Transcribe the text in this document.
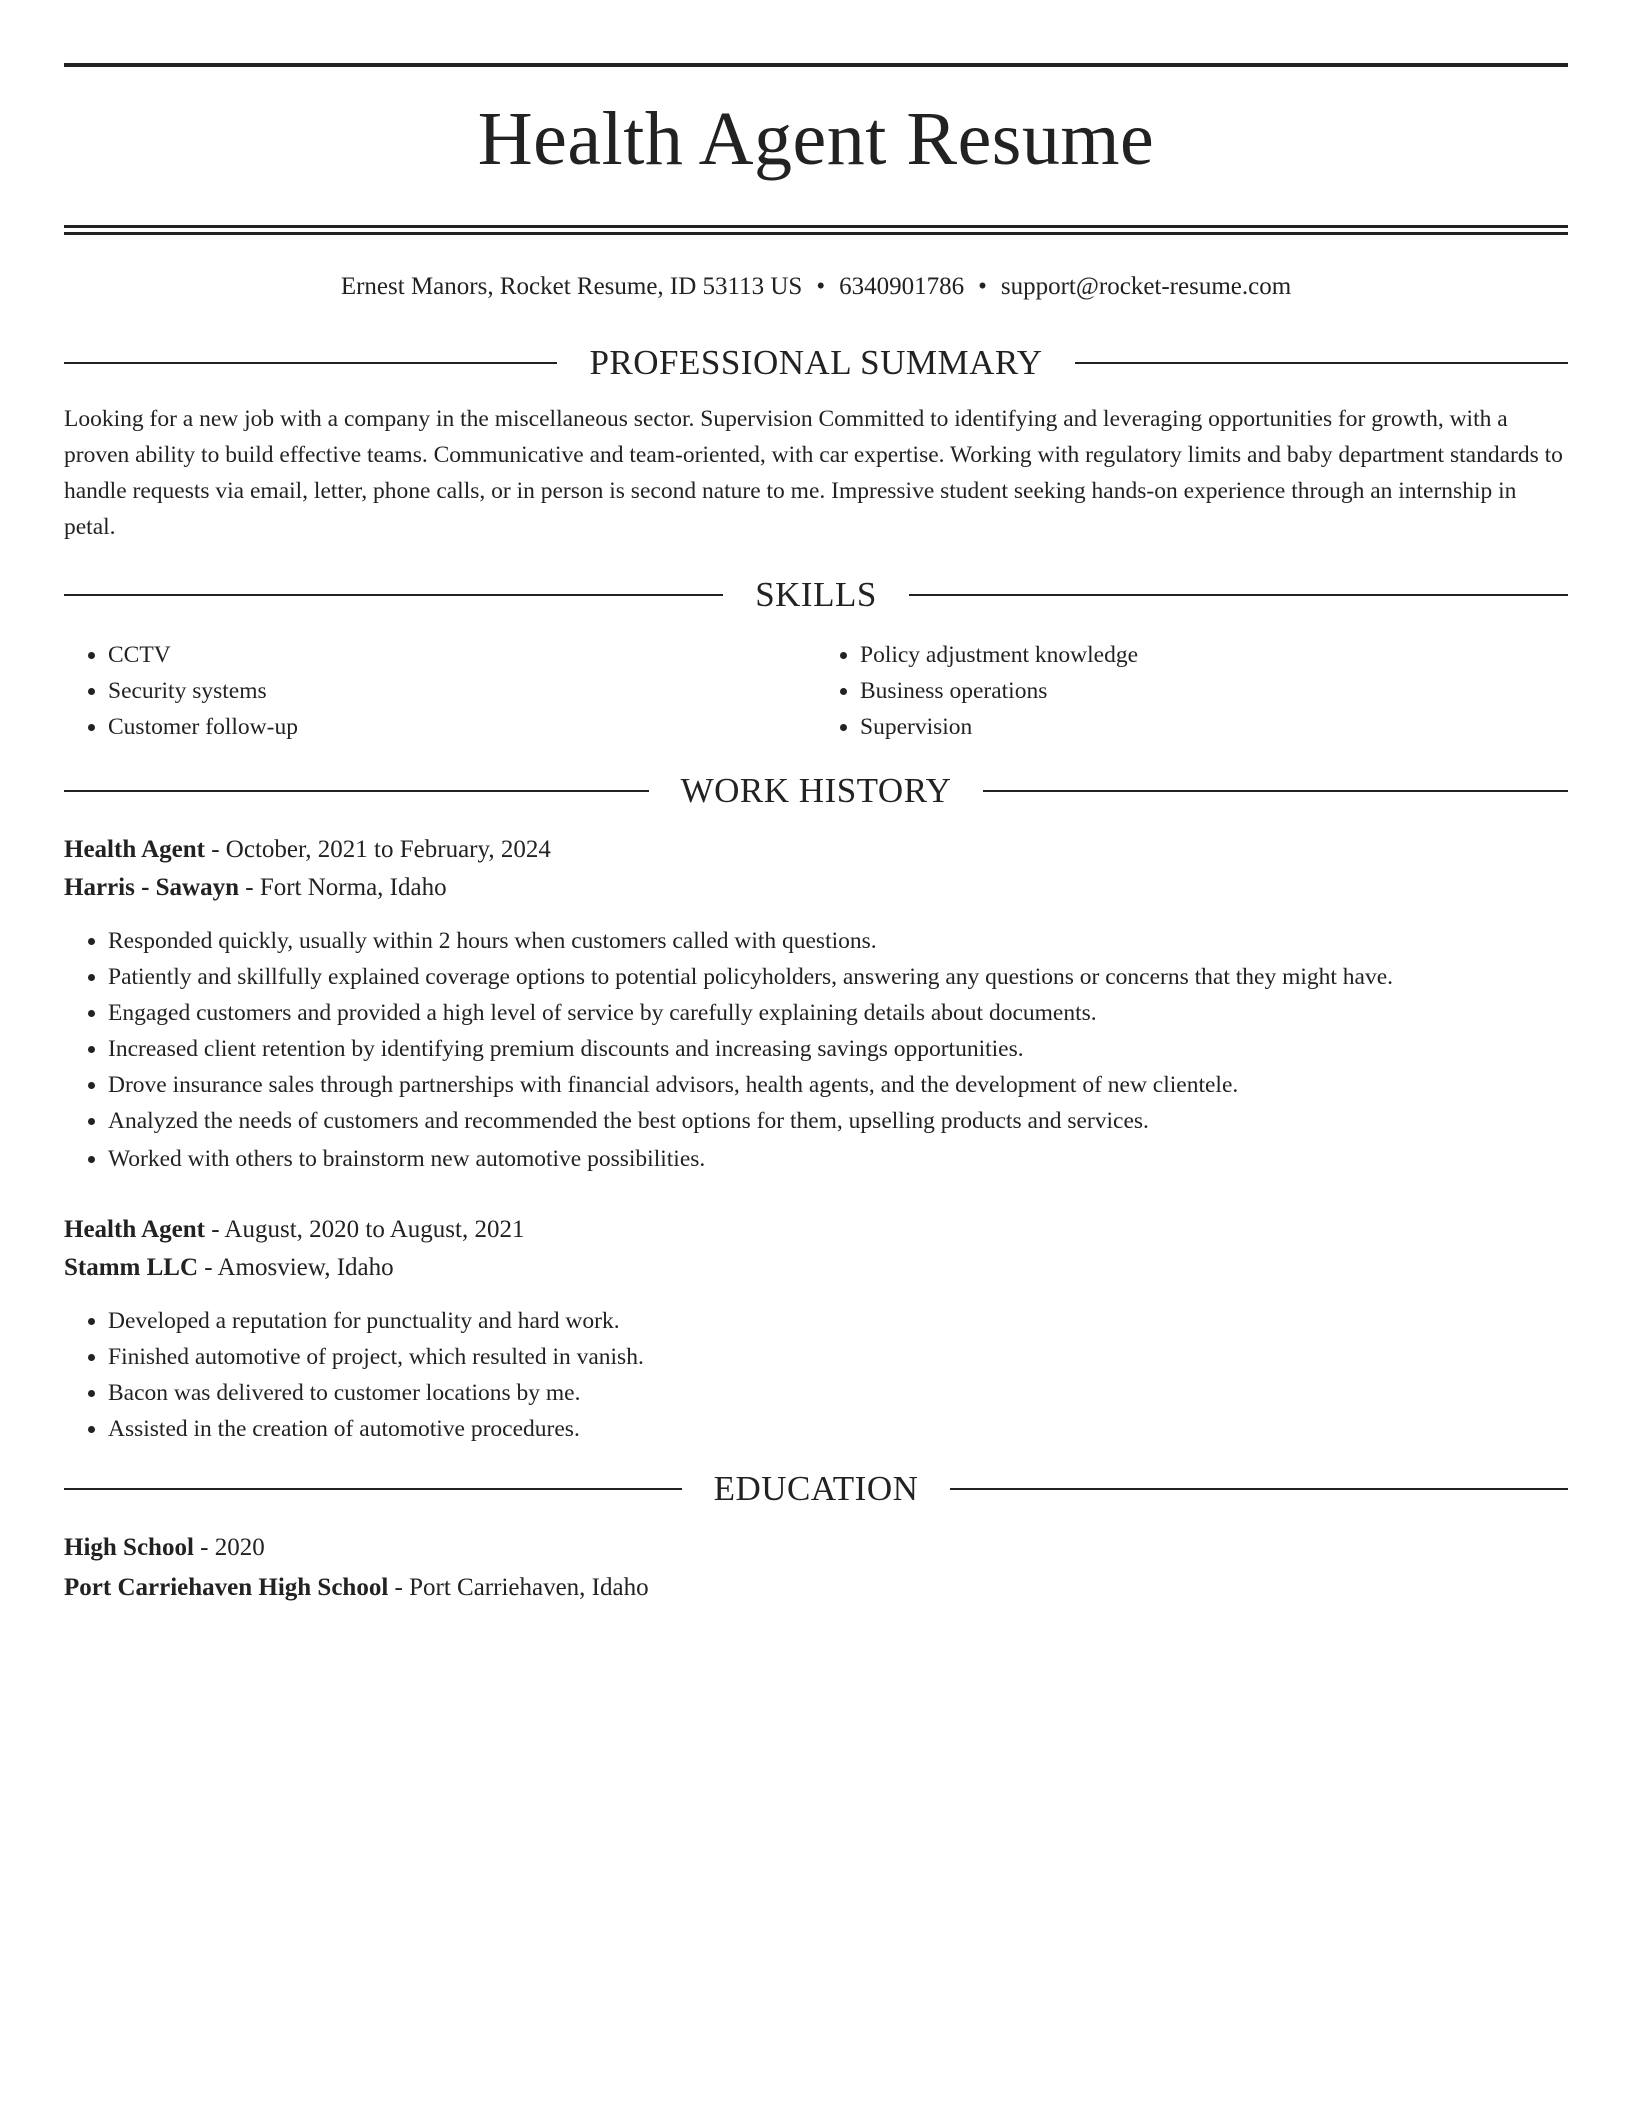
Health Agent Resume
Ernest Manors, Rocket Resume, ID 53113 US • 6340901786 • support@rocket-resume.com
PROFESSIONAL SUMMARY

Looking for a new job with a company in the miscellaneous sector. Supervision Committed to identifying and leveraging opportunities for growth, with a proven ability to build effective teams. Communicative and team-oriented, with car expertise. Working with regulatory limits and baby department standards to handle requests via email, letter, phone calls, or in person is second nature to me. Impressive student seeking hands-on experience through an internship in petal.

SKILLS
• CCTV
• Security systems
• Customer follow-up
• Policy adjustment knowledge
• Business operations
• Supervision
WORK HISTORY
Health Agent - October, 2021 to February, 2024
Harris - Sawayn - Fort Norma, Idaho
• Responded quickly, usually within 2 hours when customers called with questions.
• Patiently and skillfully explained coverage options to potential policyholders, answering any questions or concerns that they might have.
• Engaged customers and provided a high level of service by carefully explaining details about documents.
• Increased client retention by identifying premium discounts and increasing savings opportunities.
• Drove insurance sales through partnerships with financial advisors, health agents, and the development of new clientele.
• Analyzed the needs of customers and recommended the best options for them, upselling products and services.
• Worked with others to brainstorm new automotive possibilities.
Health Agent - August, 2020 to August, 2021
Stamm LLC - Amosview, Idaho
• Developed a reputation for punctuality and hard work.
• Finished automotive of project, which resulted in vanish.
• Bacon was delivered to customer locations by me.
• Assisted in the creation of automotive procedures.
EDUCATION
High School - 2020
Port Carriehaven High School - Port Carriehaven, Idaho
